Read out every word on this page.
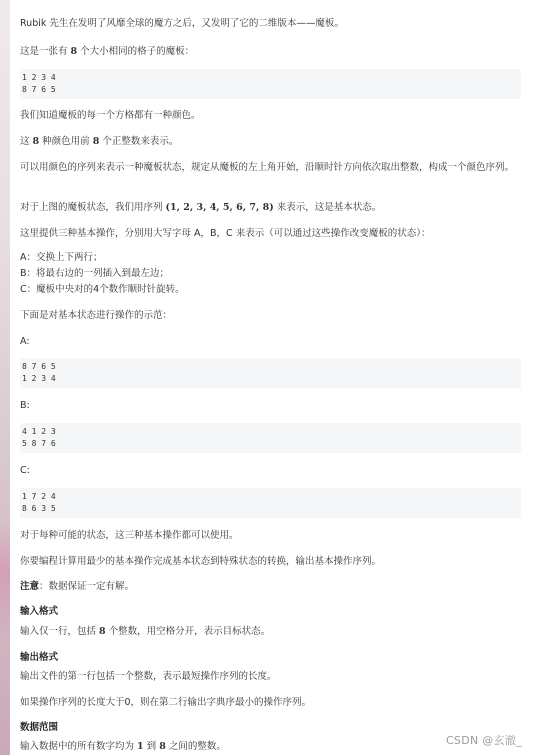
Rubik 先生在发明了风靡全球的魔方之后，又发明了它的二维版本——魔板。
这是一张有 8 个大小相同的格子的魔板：
1 2 3 4
8 7 6 5
我们知道魔板的每一个方格都有一种颜色。
这 8 种颜色用前 8 个正整数来表示。
可以用颜色的序列来表示一种魔板状态，规定从魔板的左上角开始，沿顺时针方向依次取出整数，构成一个颜色序列。
对于上图的魔板状态，我们用序列 (1, 2, 3, 4, 5, 6, 7, 8) 来表示，这是基本状态。
这里提供三种基本操作，分别用大写字母 A，B，C 来表示（可以通过这些操作改变魔板的状态）：
A：交换上下两行；
B：将最右边的一列插入到最左边；
C：魔板中央对的4个数作顺时针旋转。
下面是对基本状态进行操作的示范：
A:
8 7 6 5
1 2 3 4
B:
4 1 2 3
5 8 7 6
C:
1 7 2 4
8 6 3 5
对于每种可能的状态，这三种基本操作都可以使用。
你要编程计算用最少的基本操作完成基本状态到特殊状态的转换，输出基本操作序列。
注意：数据保证一定有解。
输入格式
输入仅一行，包括 8 个整数，用空格分开，表示目标状态。
输出格式
输出文件的第一行包括一个整数，表示最短操作序列的长度。
如果操作序列的长度大于0，则在第二行输出字典序最小的操作序列。
数据范围
输入数据中的所有数字均为 1 到 8 之间的整数。	CSDN @玄澈_
